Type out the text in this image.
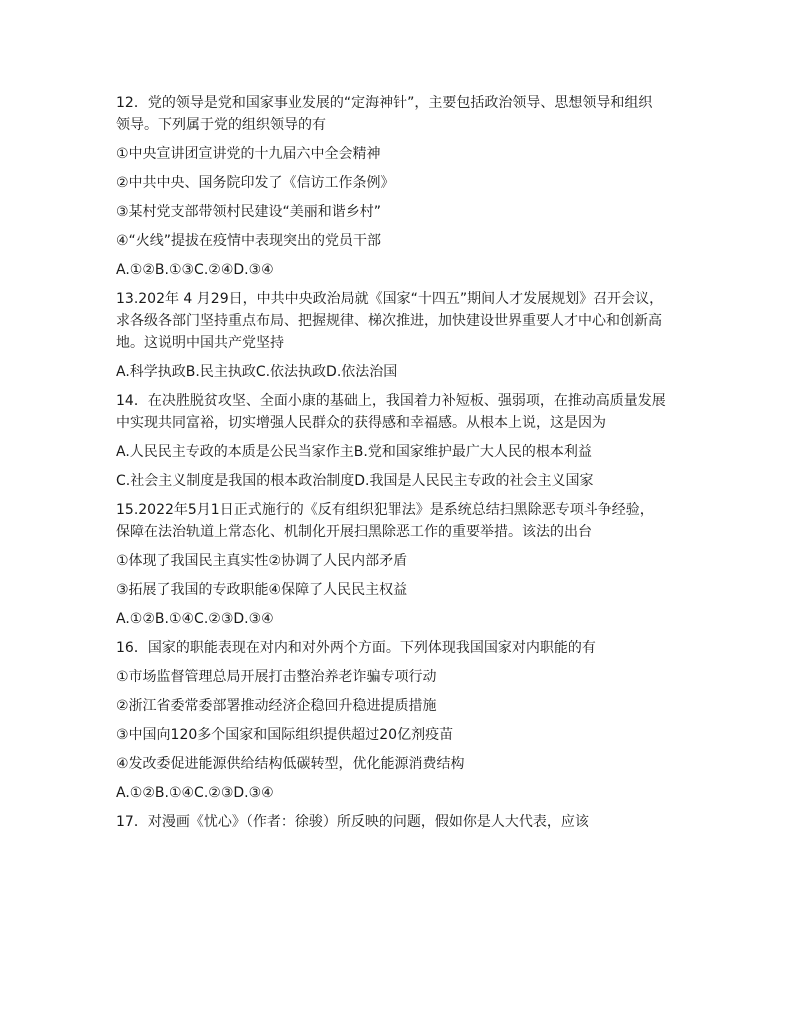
12．党的领导是党和国家事业发展的“定海神针”，主要包括政治领导、思想领导和组织
领导。下列属于党的组织领导的有
①中央宣讲团宣讲党的十九届六中全会精神
②中共中央、国务院印发了《信访工作条例》
③某村党支部带领村民建设“美丽和谐乡村”
④“火线”提拔在疫情中表现突出的党员干部
A.①②B.①③C.②④D.③④
13.202年 4 月29日，中共中央政治局就《国家“十四五”期间人才发展规划》召开会议，
求各级各部门坚持重点布局、把握规律、梯次推进，加快建设世界重要人才中心和创新高
地。这说明中国共产党坚持
A.科学执政B.民主执政C.依法执政D.依法治国
14．在决胜脱贫攻坚、全面小康的基础上，我国着力补短板、强弱项，在推动高质量发展
中实现共同富裕，切实增强人民群众的获得感和幸福感。从根本上说，这是因为
A.人民民主专政的本质是公民当家作主B.党和国家维护最广大人民的根本利益
C.社会主义制度是我国的根本政治制度D.我国是人民民主专政的社会主义国家
15.2022年5月1日正式施行的《反有组织犯罪法》是系统总结扫黑除恶专项斗争经验，
保障在法治轨道上常态化、机制化开展扫黑除恶工作的重要举措。该法的出台
①体现了我国民主真实性②协调了人民内部矛盾
③拓展了我国的专政职能④保障了人民民主权益
A.①②B.①④C.②③D.③④
16．国家的职能表现在对内和对外两个方面。下列体现我国国家对内职能的有
①市场监督管理总局开展打击整治养老诈骗专项行动
②浙江省委常委部署推动经济企稳回升稳进提质措施
③中国向120多个国家和国际组织提供超过20亿剂疫苗
④发改委促进能源供给结构低碳转型，优化能源消费结构
A.①②B.①④C.②③D.③④
17．对漫画《忧心》（作者：徐骏）所反映的问题，假如你是人大代表，应该
